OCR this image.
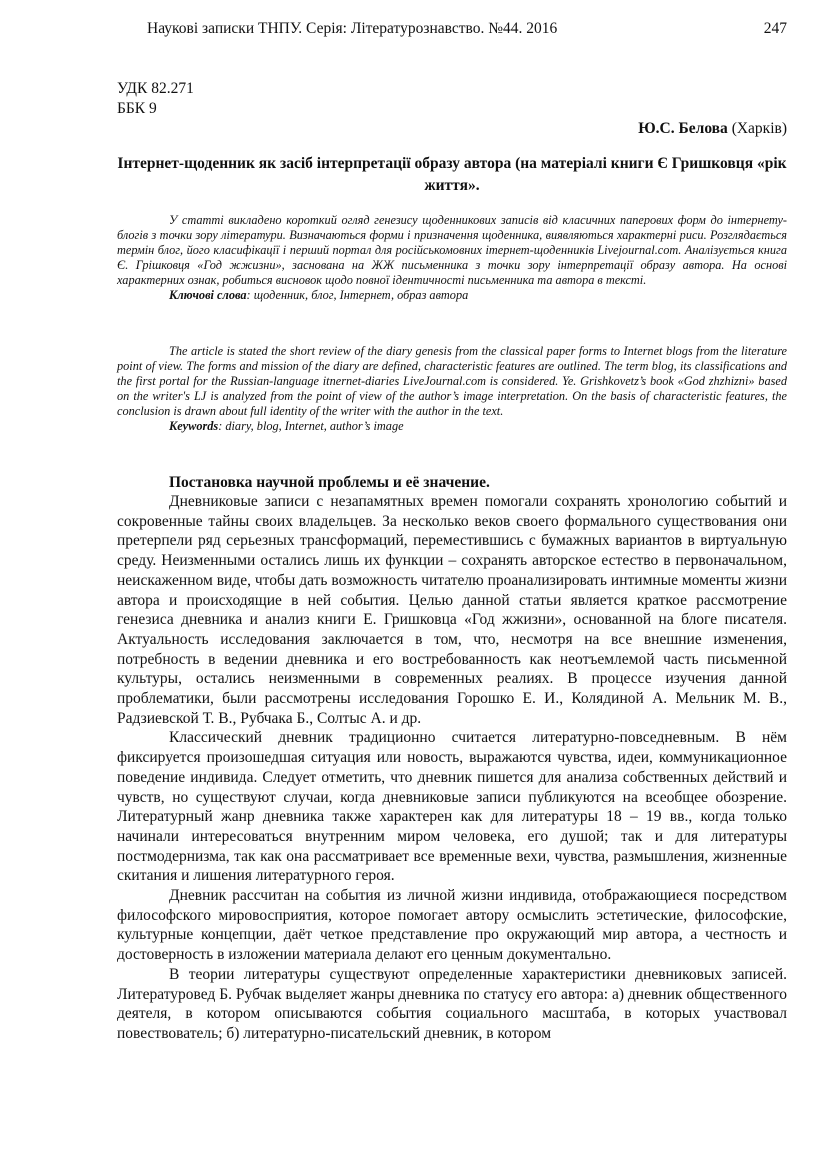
Наукові записки ТНПУ. Серія: Літературознавство. №44. 2016	247
УДК 82.271
ББК 9
Ю.С. Белова (Харків)
Інтернет-щоденник як засіб інтерпретації образу автора (на матеріалі книги Є Гришковця «рік життя».

У статті викладено короткий огляд генезису щоденникових записів від класичних паперових форм до інтернету-блогів з точки зору літератури. Визначаються форми і призначення щоденника, виявляються характерні риси. Розглядається термін блог, його класифікації і перший портал для російськомовних ітернет-щоденників Livejournal.com. Аналізується книга Є. Грішковця «Год жжизни», заснована на ЖЖ письменника з точки зору інтерпретації образу автора. На основі характерних ознак, робиться висновок щодо повної ідентичності письменника та автора в тексті.

Ключові слова: щоденник, блог, Інтернет, образ автора

The article is stated the short review of the diary genesis from the classical paper forms to Internet blogs from the literature point of view. The forms and mission of the diary are defined, characteristic features are outlined. The term blog, its classifications and the first portal for the Russian-language itnernet-diaries LiveJournal.com is considered. Ye. Grishkovetz’s book «God zhzhizni» based on the writer's LJ is analyzed from the point of view of the author’s image interpretation. On the basis of characteristic features, the conclusion is drawn about full identity of the writer with the author in the text.

Keywords: diary, blog, Internet, author’s image
Постановка научной проблемы и её значение.

Дневниковые записи с незапамятных времен помогали сохранять хронологию событий и сокровенные тайны своих владельцев. За несколько веков своего формального существования они претерпели ряд серьезных трансформаций, переместившись с бумажных вариантов в виртуальную среду. Неизменными остались лишь их функции – сохранять авторское естество в первоначальном, неискаженном виде, чтобы дать возможность читателю проанализировать интимные моменты жизни автора и происходящие в ней события. Целью данной статьи является краткое рассмотрение генезиса дневника и анализ книги Е. Гришковца «Год жжизни», основанной на блоге писателя. Актуальность исследования заключается в том, что, несмотря на все внешние изменения, потребность в ведении дневника и его востребованность как неотъемлемой часть письменной культуры, остались неизменными в современных реалиях. В процессе изучения данной проблематики, были рассмотрены исследования Горошко Е. И., Колядиной А. Мельник М. В., Радзиевской Т. В., Рубчака Б., Солтыс А. и др.

Классический дневник традиционно считается литературно-повседневным. В нём фиксируется произошедшая ситуация или новость, выражаются чувства, идеи, коммуникационное поведение индивида. Следует отметить, что дневник пишется для анализа собственных действий и чувств, но существуют случаи, когда дневниковые записи публикуются на всеобщее обозрение. Литературный жанр дневника также характерен как для литературы 18 – 19 вв., когда только начинали интересоваться внутренним миром человека, его душой; так и для литературы постмодернизма, так как она рассматривает все временные вехи, чувства, размышления, жизненные скитания и лишения литературного героя.

Дневник рассчитан на события из личной жизни индивида, отображающиеся посредством философского мировосприятия, которое помогает автору осмыслить эстетические, философские, культурные концепции, даёт четкое представление про окружающий мир автора, а честность и достоверность в изложении материала делают его ценным документально.

В теории литературы существуют определенные характеристики дневниковых записей. Литературовед Б. Рубчак выделяет жанры дневника по статусу его автора: а) дневник общественного деятеля, в котором описываются события социального масштаба, в которых участвовал повествователь; б) литературно-писательский дневник, в котором
